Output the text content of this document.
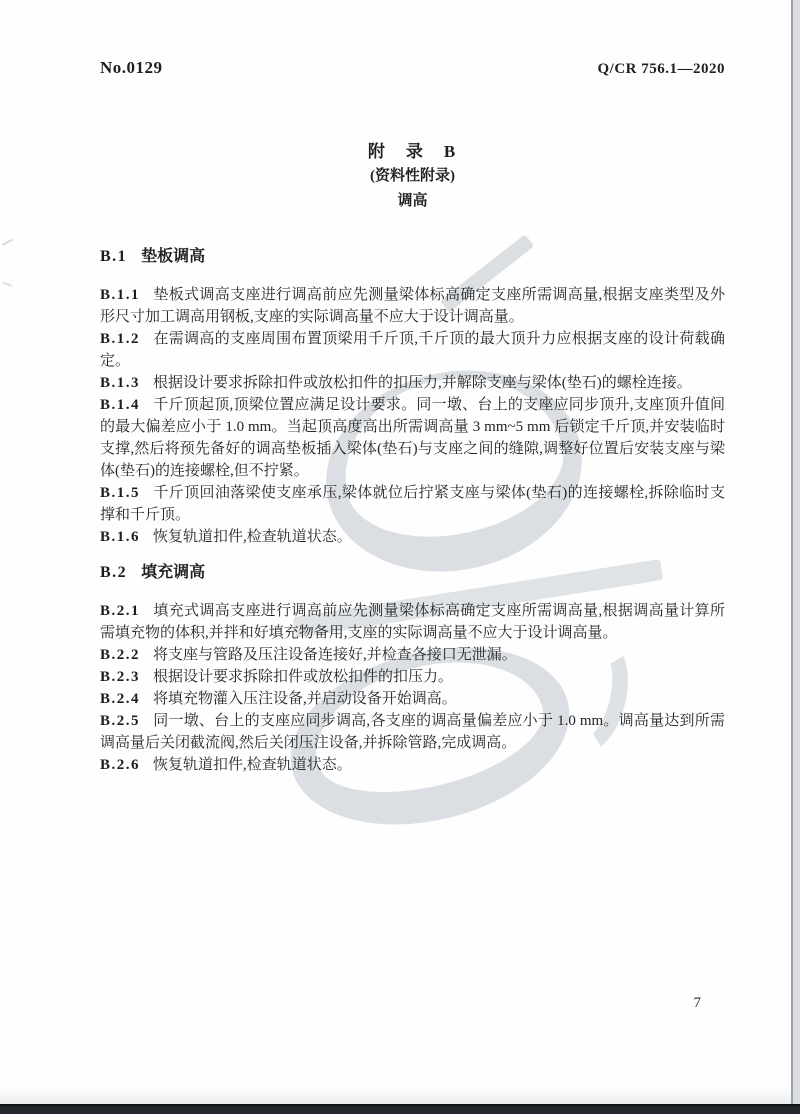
No.0129	Q/CR 756.1—2020
附　录　B
(资料性附录)
调高
B.1 垫板调高

B.1.1 垫板式调高支座进行调高前应先测量梁体标高确定支座所需调高量,根据支座类型及外形尺寸加工调高用钢板,支座的实际调高量不应大于设计调高量。

B.1.2 在需调高的支座周围布置顶梁用千斤顶,千斤顶的最大顶升力应根据支座的设计荷载确定。

B.1.3 根据设计要求拆除扣件或放松扣件的扣压力,并解除支座与梁体(垫石)的螺栓连接。

B.1.4 千斤顶起顶,顶梁位置应满足设计要求。同一墩、台上的支座应同步顶升,支座顶升值间的最大偏差应小于 1.0 mm。当起顶高度高出所需调高量 3 mm~5 mm 后锁定千斤顶,并安装临时支撑,然后将预先备好的调高垫板插入梁体(垫石)与支座之间的缝隙,调整好位置后安装支座与梁体(垫石)的连接螺栓,但不拧紧。

B.1.5 千斤顶回油落梁使支座承压,梁体就位后拧紧支座与梁体(垫石)的连接螺栓,拆除临时支撑和千斤顶。

B.1.6 恢复轨道扣件,检查轨道状态。

B.2 填充调高

B.2.1 填充式调高支座进行调高前应先测量梁体标高确定支座所需调高量,根据调高量计算所需填充物的体积,并拌和好填充物备用,支座的实际调高量不应大于设计调高量。

B.2.2 将支座与管路及压注设备连接好,并检查各接口无泄漏。

B.2.3 根据设计要求拆除扣件或放松扣件的扣压力。

B.2.4 将填充物灌入压注设备,并启动设备开始调高。

B.2.5 同一墩、台上的支座应同步调高,各支座的调高量偏差应小于 1.0 mm。调高量达到所需调高量后关闭截流阀,然后关闭压注设备,并拆除管路,完成调高。

B.2.6 恢复轨道扣件,检查轨道状态。

7
